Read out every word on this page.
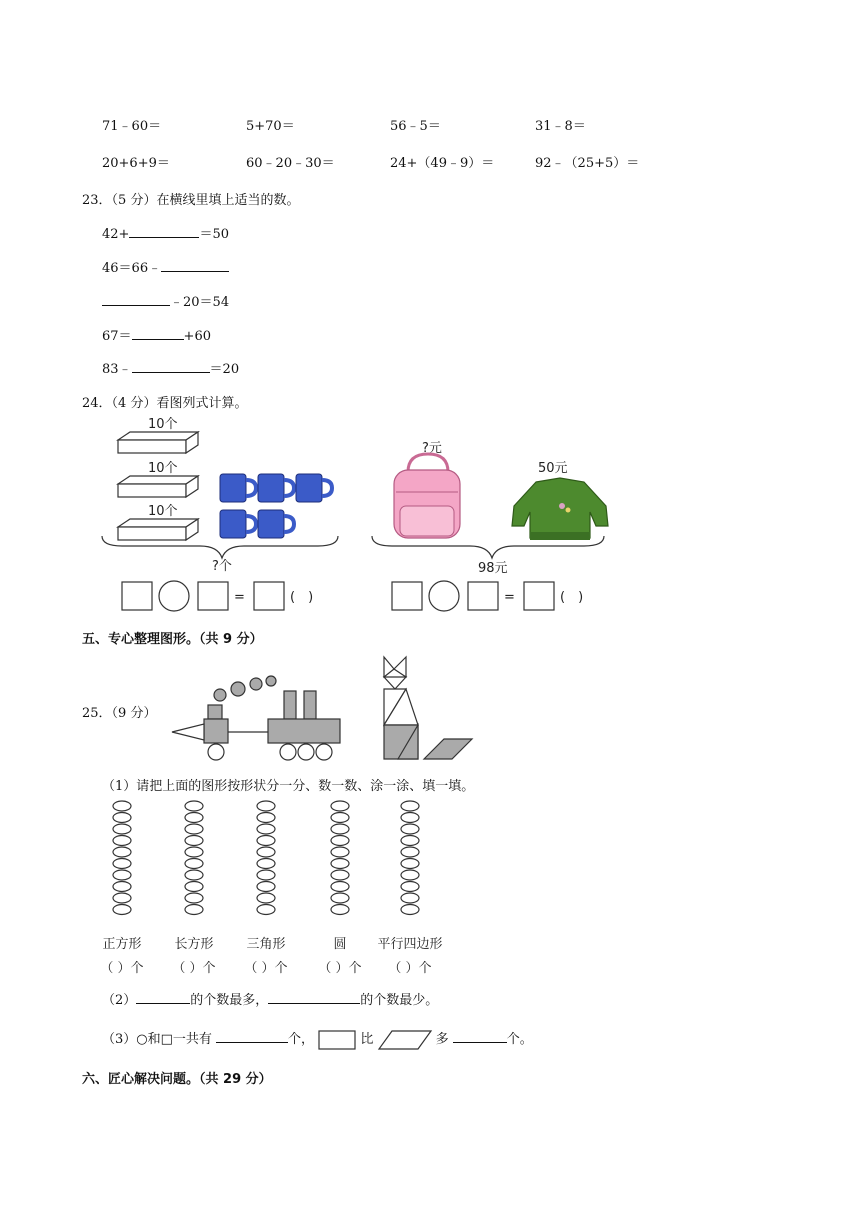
71﹣60＝	5+70＝	56﹣5＝	31﹣8＝
20+6+9＝	60﹣20﹣30＝	24+（49﹣9）＝	92﹣（25+5）＝
23．（5 分）在横线里填上适当的数。
42+	＝50
46＝66﹣
﹣20＝54
67＝	+60
83﹣	＝20
24．（4 分）看图列式计算。
10个
10个
10个
?个
=	(　)
?元
50元
98元
=	(　)
五、专心整理图形。（共 9 分）
25．（9 分）
（1）请把上面的图形按形状分一分、数一数、涂一涂、填一填。
正方形
（ ）个
长方形
（ ）个
三角形
（ ）个
圆
（ ）个
平行四边形
（ ）个
（2）	的个数最多，	的个数最少。
（3）○和□一共有	个，	比	多	个。
六、匠心解决问题。（共 29 分）
